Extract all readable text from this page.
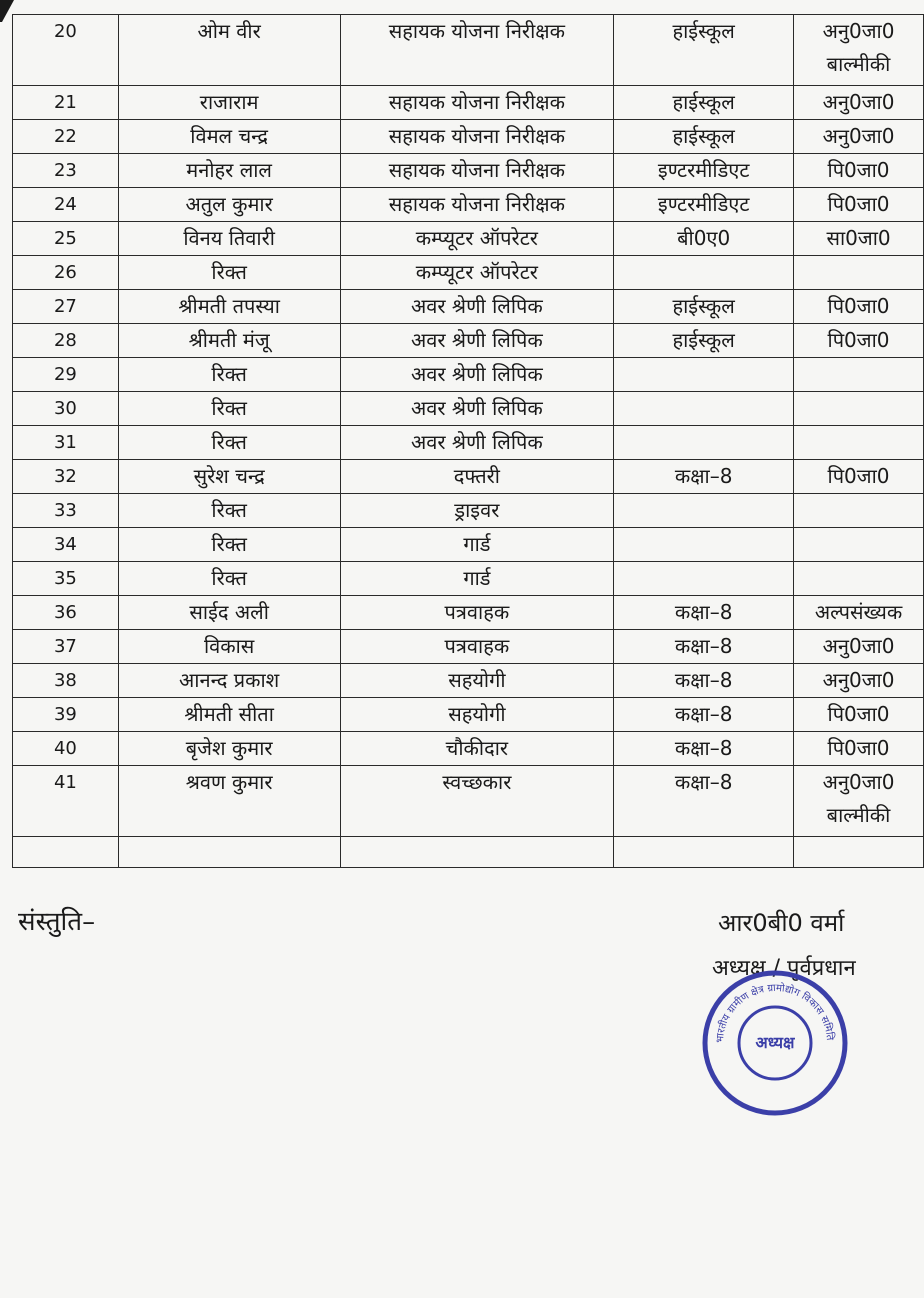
20	ओम वीर	सहायक योजना निरीक्षक	हाईस्कूल	अनु0जा0 बाल्मीकी
21	राजाराम	सहायक योजना निरीक्षक	हाईस्कूल	अनु0जा0
22	विमल चन्द्र	सहायक योजना निरीक्षक	हाईस्कूल	अनु0जा0
23	मनोहर लाल	सहायक योजना निरीक्षक	इण्टरमीडिएट	पि0जा0
24	अतुल कुमार	सहायक योजना निरीक्षक	इण्टरमीडिएट	पि0जा0
25	विनय तिवारी	कम्प्यूटर ऑपरेटर	बी0ए0	सा0जा0
26	रिक्त	कम्प्यूटर ऑपरेटर		
27	श्रीमती तपस्या	अवर श्रेणी लिपिक	हाईस्कूल	पि0जा0
28	श्रीमती मंजू	अवर श्रेणी लिपिक	हाईस्कूल	पि0जा0
29	रिक्त	अवर श्रेणी लिपिक		
30	रिक्त	अवर श्रेणी लिपिक		
31	रिक्त	अवर श्रेणी लिपिक		
32	सुरेश चन्द्र	दफ्तरी	कक्षा–8	पि0जा0
33	रिक्त	ड्राइवर		
34	रिक्त	गार्ड		
35	रिक्त	गार्ड		
36	साईद अली	पत्रवाहक	कक्षा–8	अल्पसंख्यक
37	विकास	पत्रवाहक	कक्षा–8	अनु0जा0
38	आनन्द प्रकाश	सहयोगी	कक्षा–8	अनु0जा0
39	श्रीमती सीता	सहयोगी	कक्षा–8	पि0जा0
40	बृजेश कुमार	चौकीदार	कक्षा–8	पि0जा0
41	श्रवण कुमार	स्वच्छकार	कक्षा–8	अनु0जा0 बाल्मीकी

संस्तुति–	आर0बी0 वर्मा
अध्यक्ष / पूर्वप्रधान
भारतीय ग्रामीण क्षेत्र ग्रामोद्योग विकास समिति
अध्यक्ष
